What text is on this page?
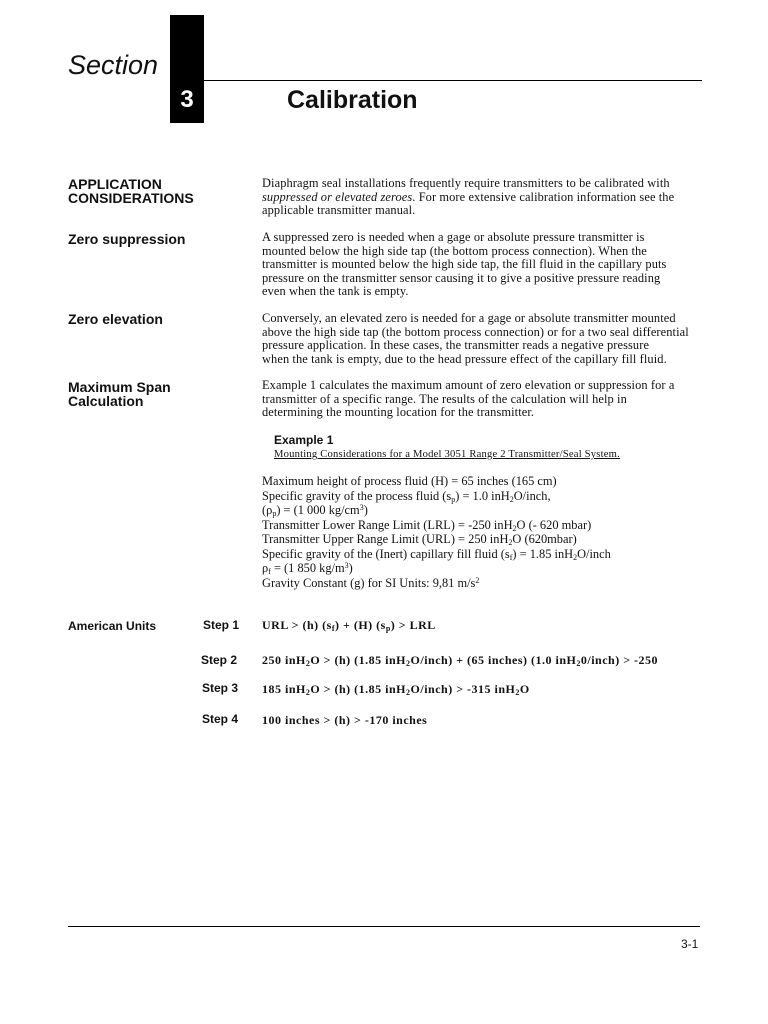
Section
3	Calibration
APPLICATION
CONSIDERATIONS
Diaphragm seal installations frequently require transmitters to be calibrated with
suppressed or elevated zeroes. For more extensive calibration information see the
applicable transmitter manual.
Zero suppression	A suppressed zero is needed when a gage or absolute pressure transmitter is
mounted below the high side tap (the bottom process connection). When the
transmitter is mounted below the high side tap, the fill fluid in the capillary puts
pressure on the transmitter sensor causing it to give a positive pressure reading
even when the tank is empty.
Zero elevation	Conversely, an elevated zero is needed for a gage or absolute transmitter mounted
above the high side tap (the bottom process connection) or for a two seal differential
pressure application. In these cases, the transmitter reads a negative pressure
when the tank is empty, due to the head pressure effect of the capillary fill fluid.
Maximum Span
Calculation
Example 1 calculates the maximum amount of zero elevation or suppression for a
transmitter of a specific range. The results of the calculation will help in
determining the mounting location for the transmitter.
Example 1
Mounting Considerations for a Model 3051 Range 2 Transmitter/Seal System.
Maximum height of process fluid (H) = 65 inches (165 cm)
Specific gravity of the process fluid $(s_p) = 1.0$ inH$_2$O/inch,
$(\rho_p) = (1$ 000 $kg/cm^3$)
Transmitter Lower Range Limit (LRL) = -250 inH$_2$O (- 620 mbar)
Transmitter Upper Range Limit (URL) = 250 inH$_2$O (620mbar)
Specific gravity of the (Inert) capillary fill fluid $(s_f) = 1.85$ inH$_2$O/inch
$\rho_f = (1$ 850 $kg/m^3$)
Gravity Constant (g) for SI Units: 9,81 $m/s^2$
American Units	Step 1 URL > (h) $(s_f) + (H) (s_p)$ > LRL
Step 2 250 inH$_2$O > (h) (1.85 inH$_2$O/inch) + (65 inches) (1.0 inH$_2$0/inch) > -250
Step 3 185 inH$_2$O > (h) (1.85 inH$_2$O/inch) > -315 inH$_2$O
Step 4 100 inches > (h) > -170 inches
3-1
